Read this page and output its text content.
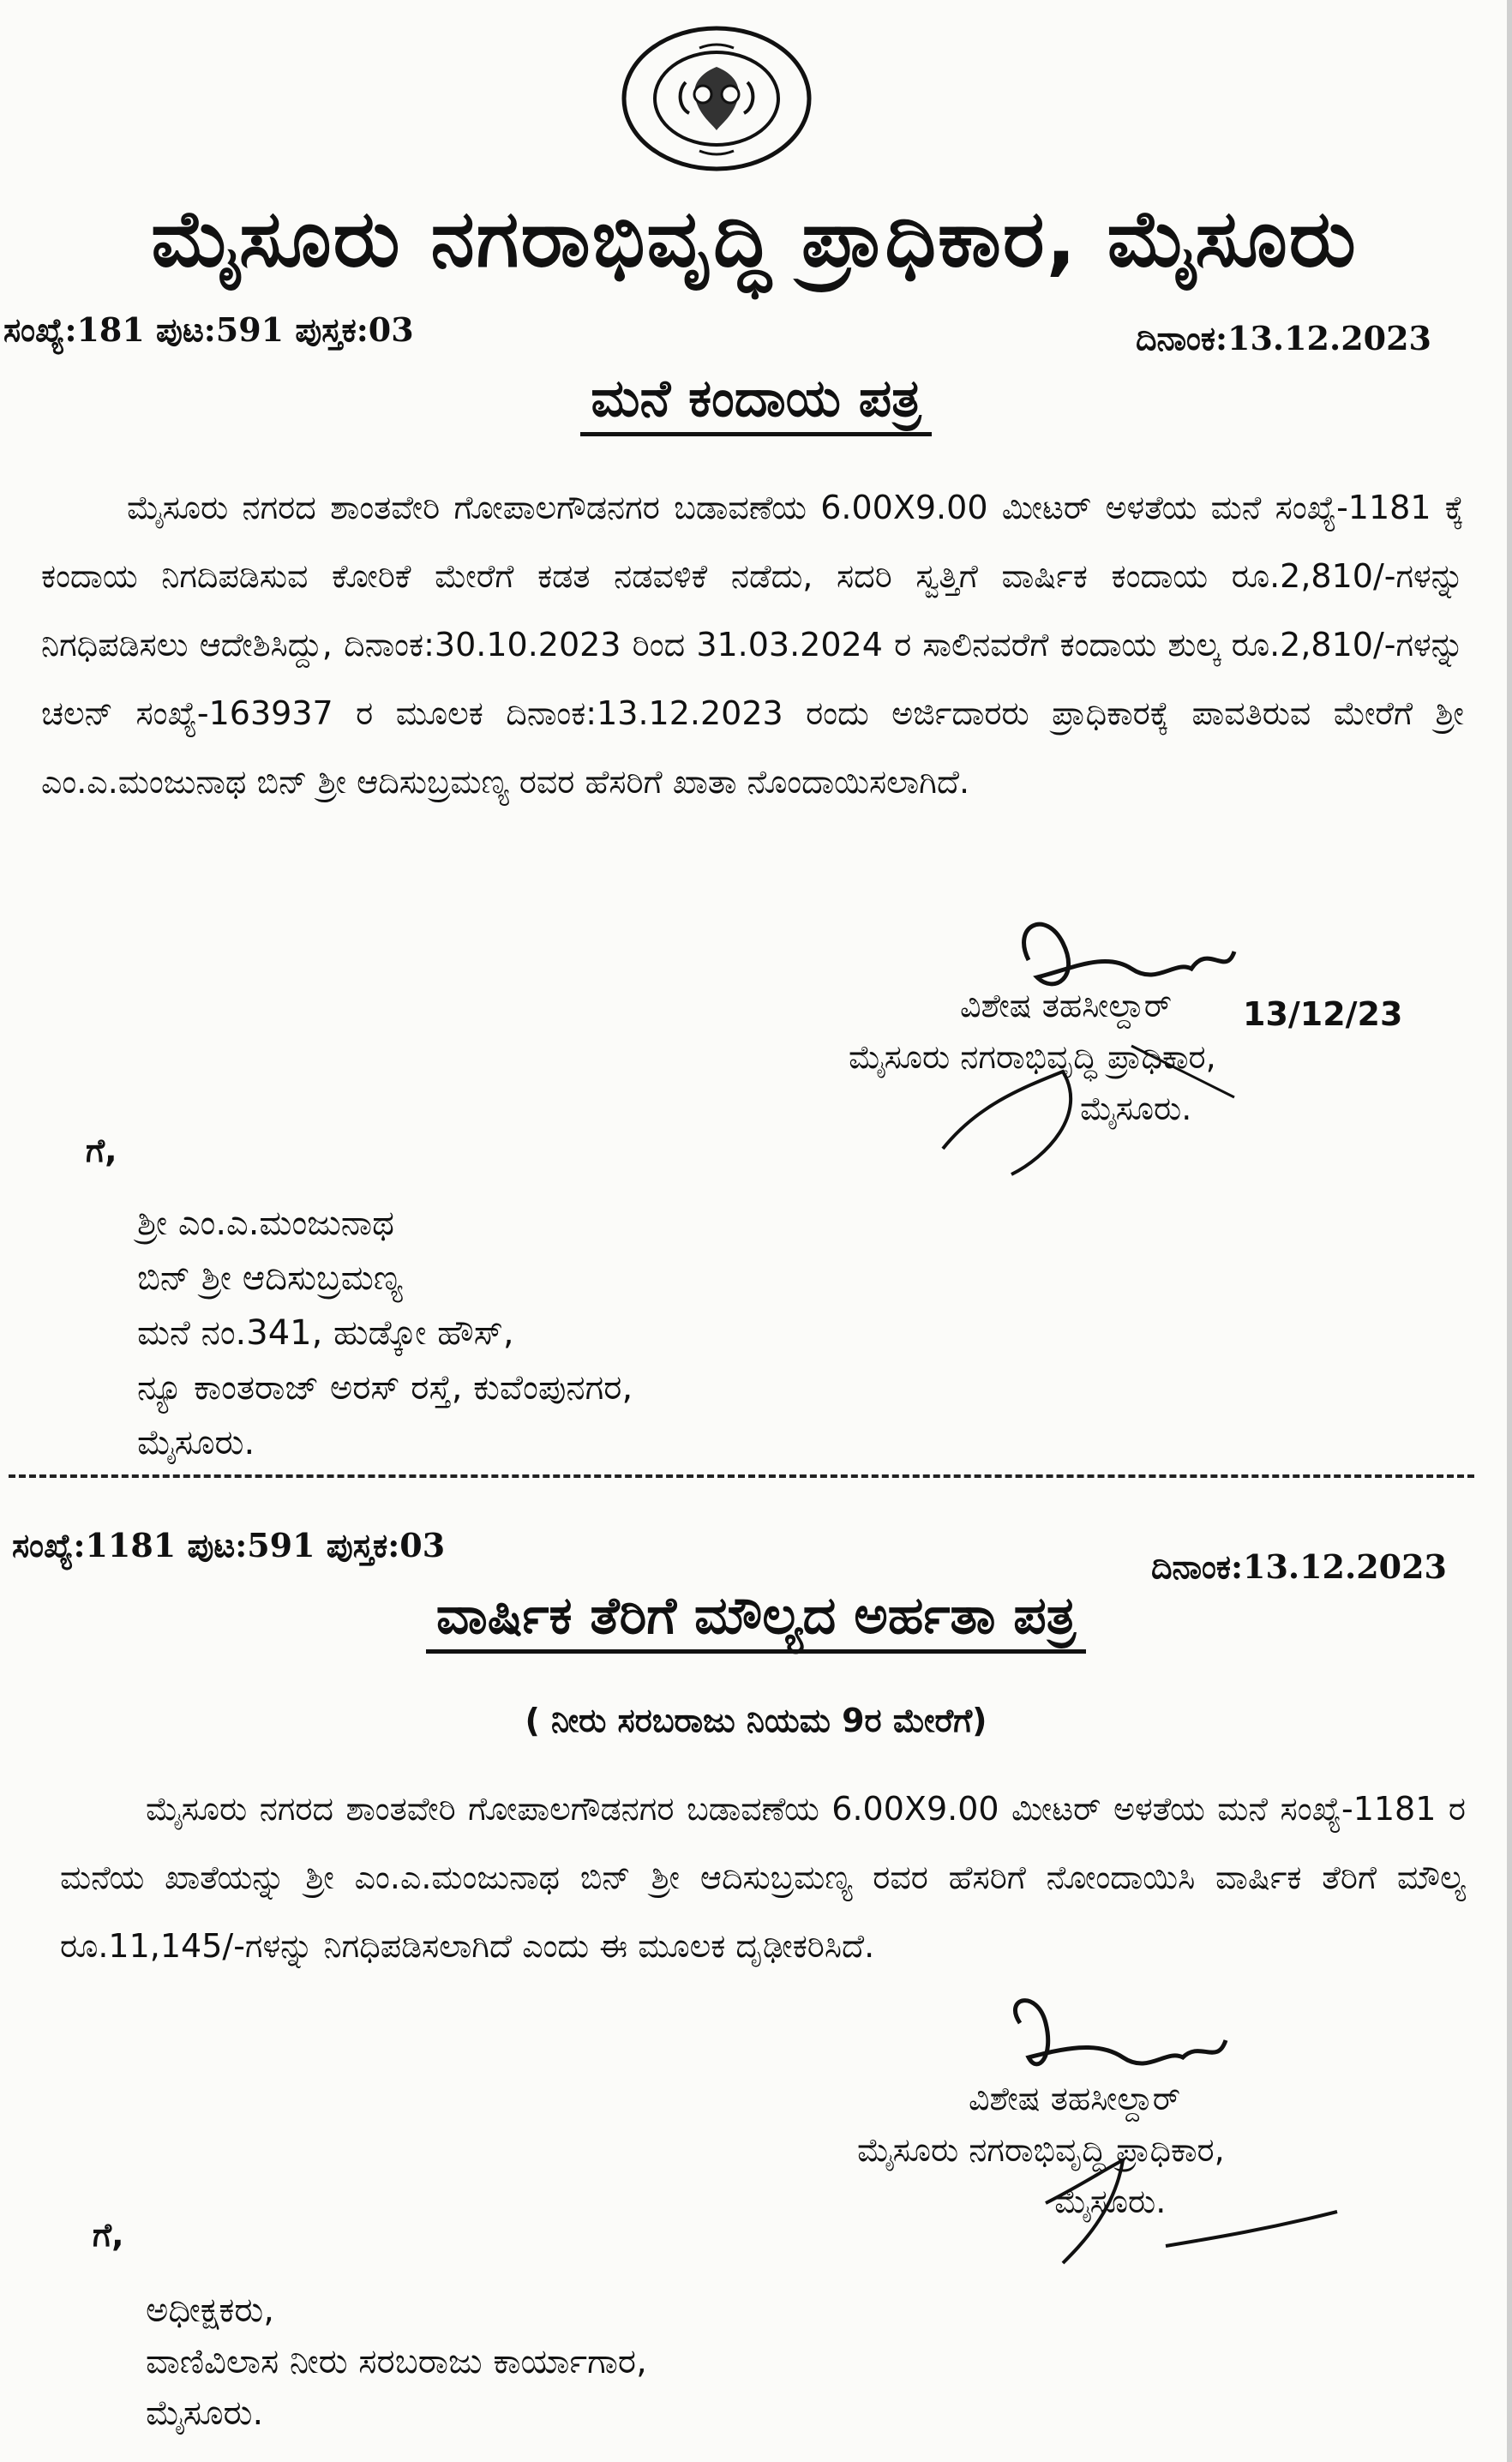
ಮೈಸೂರು ನಗರಾಭಿವೃದ್ಧಿ ಪ್ರಾಧಿಕಾರ, ಮೈಸೂರು
ಸಂಖ್ಯೆ:181 ಪುಟ:591 ಪುಸ್ತಕ:03	ದಿನಾಂಕ:13.12.2023
ಮನೆ ಕಂದಾಯ ಪತ್ರ
ಮೈಸೂರು ನಗರದ ಶಾಂತವೇರಿ ಗೋಪಾಲಗೌಡನಗರ ಬಡಾವಣೆಯ 6.00X9.00 ಮೀಟರ್ ಅಳತೆಯ ಮನೆ ಸಂಖ್ಯೆ-1181 ಕ್ಕೆ ಕಂದಾಯ ನಿಗದಿಪಡಿಸುವ ಕೋರಿಕೆ ಮೇರೆಗೆ ಕಡತ ನಡವಳಿಕೆ ನಡೆದು, ಸದರಿ ಸ್ವತ್ತಿಗೆ ವಾರ್ಷಿಕ ಕಂದಾಯ ರೂ.2,810/-ಗಳನ್ನು ನಿಗಧಿಪಡಿಸಲು ಆದೇಶಿಸಿದ್ದು, ದಿನಾಂಕ:30.10.2023 ರಿಂದ 31.03.2024 ರ ಸಾಲಿನವರೆಗೆ ಕಂದಾಯ ಶುಲ್ಕ ರೂ.2,810/-ಗಳನ್ನು ಚಲನ್ ಸಂಖ್ಯೆ-163937 ರ ಮೂಲಕ ದಿನಾಂಕ:13.12.2023 ರಂದು ಅರ್ಜಿದಾರರು ಪ್ರಾಧಿಕಾರಕ್ಕೆ ಪಾವತಿರುವ ಮೇರೆಗೆ ಶ್ರೀ ಎಂ.ಎ.ಮಂಜುನಾಥ ಬಿನ್ ಶ್ರೀ ಆದಿಸುಬ್ರಮಣ್ಯ ರವರ ಹೆಸರಿಗೆ ಖಾತಾ ನೊಂದಾಯಿಸಲಾಗಿದೆ.
ವಿಶೇಷ ತಹಸೀಲ್ದಾರ್ 13/12/23
ಮೈಸೂರು ನಗರಾಭಿವೃದ್ಧಿ ಪ್ರಾಧಿಕಾರ,
ಮೈಸೂರು.
ಗೆ,
ಶ್ರೀ ಎಂ.ಎ.ಮಂಜುನಾಥ
ಬಿನ್ ಶ್ರೀ ಆದಿಸುಬ್ರಮಣ್ಯ
ಮನೆ ನಂ.341, ಹುಡ್ಕೋ ಹೌಸ್,
ನ್ಯೂ ಕಾಂತರಾಜ್ ಅರಸ್ ರಸ್ತೆ, ಕುವೆಂಪುನಗರ,
ಮೈಸೂರು.
ಸಂಖ್ಯೆ:1181 ಪುಟ:591 ಪುಸ್ತಕ:03
ದಿನಾಂಕ:13.12.2023
ವಾರ್ಷಿಕ ತೆರಿಗೆ ಮೌಲ್ಯದ ಅರ್ಹತಾ ಪತ್ರ
( ನೀರು ಸರಬರಾಜು ನಿಯಮ 9ರ ಮೇರೆಗೆ)
ಮೈಸೂರು ನಗರದ ಶಾಂತವೇರಿ ಗೋಪಾಲಗೌಡನಗರ ಬಡಾವಣೆಯ 6.00X9.00 ಮೀಟರ್ ಅಳತೆಯ ಮನೆ ಸಂಖ್ಯೆ-1181 ರ ಮನೆಯ ಖಾತೆಯನ್ನು ಶ್ರೀ ಎಂ.ಎ.ಮಂಜುನಾಥ ಬಿನ್ ಶ್ರೀ ಆದಿಸುಬ್ರಮಣ್ಯ ರವರ ಹೆಸರಿಗೆ ನೋಂದಾಯಿಸಿ ವಾರ್ಷಿಕ ತೆರಿಗೆ ಮೌಲ್ಯ ರೂ.11,145/-ಗಳನ್ನು ನಿಗಧಿಪಡಿಸಲಾಗಿದೆ ಎಂದು ಈ ಮೂಲಕ ದೃಢೀಕರಿಸಿದೆ.
ವಿಶೇಷ ತಹಸೀಲ್ದಾರ್
ಮೈಸೂರು ನಗರಾಭಿವೃದ್ಧಿ ಪ್ರಾಧಿಕಾರ,
ಮೈಸೂರು.
ಗೆ,
ಅಧೀಕ್ಷಕರು,
ವಾಣಿವಿಲಾಸ ನೀರು ಸರಬರಾಜು ಕಾರ್ಯಾಗಾರ,
ಮೈಸೂರು.
